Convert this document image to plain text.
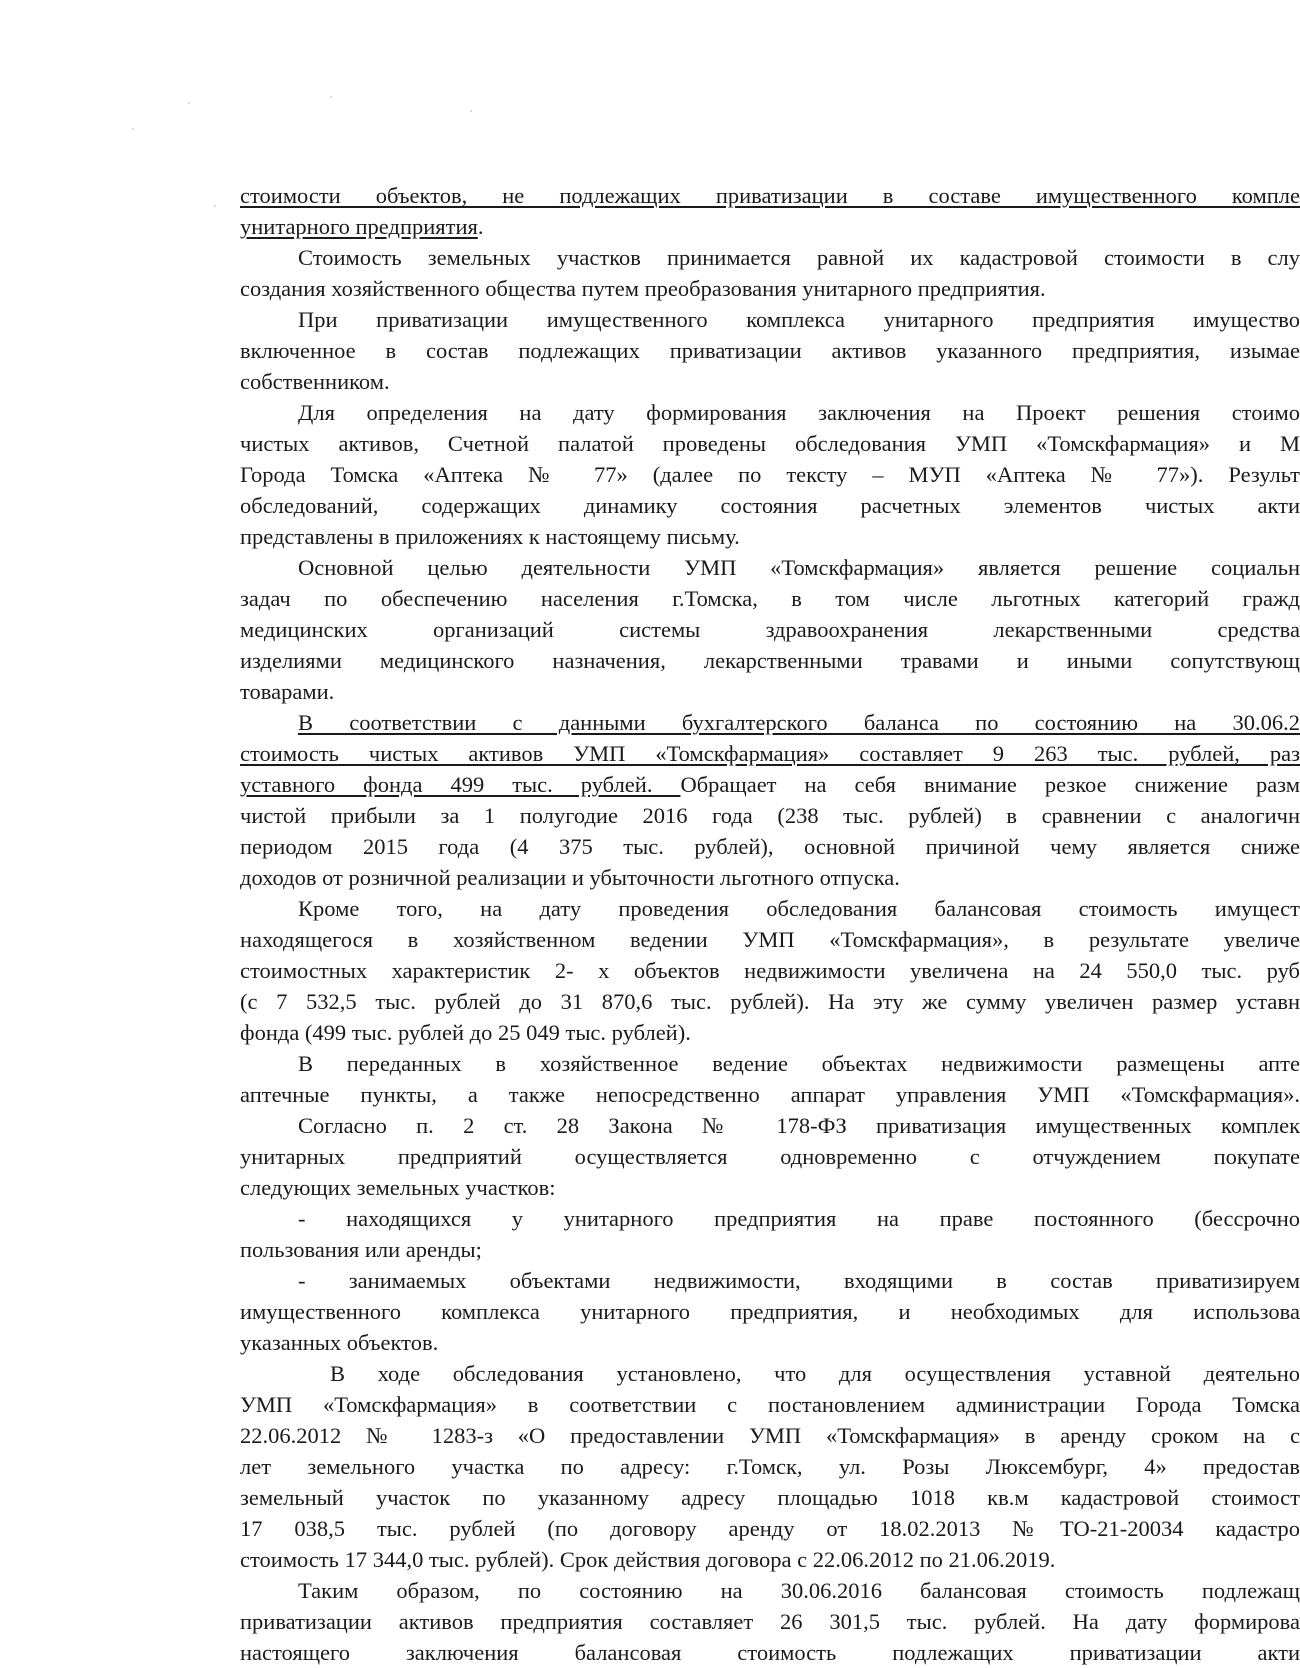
стоимости объектов, не подлежащих приватизации в составе имущественного компле
унитарного предприятия.
Стоимость земельных участков принимается равной их кадастровой стоимости в слу
создания хозяйственного общества путем преобразования унитарного предприятия.
При приватизации имущественного комплекса унитарного предприятия имущество
включенное в состав подлежащих приватизации активов указанного предприятия, изымае
собственником.
Для определения на дату формирования заключения на Проект решения стоимо
чистых активов, Счетной палатой проведены обследования УМП «Томскфармация» и М
Города Томска «Аптека № 77» (далее по тексту – МУП «Аптека № 77»). Результ
обследований, содержащих динамику состояния расчетных элементов чистых акти
представлены в приложениях к настоящему письму.
Основной целью деятельности УМП «Томскфармация» является решение социальн
задач по обеспечению населения г.Томска, в том числе льготных категорий гражд
медицинских организаций системы здравоохранения лекарственными средства
изделиями медицинского назначения, лекарственными травами и иными сопутствующ
товарами.
В соответствии с данными бухгалтерского баланса по состоянию на 30.06.2
стоимость чистых активов УМП «Томскфармация» составляет 9 263 тыс. рублей, раз
уставного фонда 499 тыс. рублей. Обращает на себя внимание резкое снижение разм
чистой прибыли за 1 полугодие 2016 года (238 тыс. рублей) в сравнении с аналогичн
периодом 2015 года (4 375 тыс. рублей), основной причиной чему является сниже
доходов от розничной реализации и убыточности льготного отпуска.
Кроме того, на дату проведения обследования балансовая стоимость имущест
находящегося в хозяйственном ведении УМП «Томскфармация», в результате увеличе
стоимостных характеристик 2- х объектов недвижимости увеличена на 24 550,0 тыс. руб
(с 7 532,5 тыс. рублей до 31 870,6 тыс. рублей). На эту же сумму увеличен размер уставн
фонда (499 тыс. рублей до 25 049 тыс. рублей).
В переданных в хозяйственное ведение объектах недвижимости размещены апте
аптечные пункты, а также непосредственно аппарат управления УМП «Томскфармация».
Согласно п. 2 ст. 28 Закона № 178-ФЗ приватизация имущественных комплек
унитарных предприятий осуществляется одновременно с отчуждением покупате
следующих земельных участков:
- находящихся у унитарного предприятия на праве постоянного (бессрочно
пользования или аренды;
- занимаемых объектами недвижимости, входящими в состав приватизируем
имущественного комплекса унитарного предприятия, и необходимых для использова
указанных объектов.
В ходе обследования установлено, что для осуществления уставной деятельно
УМП «Томскфармация» в соответствии с постановлением администрации Города Томска
22.06.2012 № 1283-з «О предоставлении УМП «Томскфармация» в аренду сроком на с
лет земельного участка по адресу: г.Томск, ул. Розы Люксембург, 4» предостав
земельный участок по указанному адресу площадью 1018 кв.м кадастровой стоимост
17 038,5 тыс. рублей (по договору аренду от 18.02.2013 №ТО-21-20034 кадастро
стоимость 17 344,0 тыс. рублей). Срок действия договора с 22.06.2012 по 21.06.2019.
Таким образом, по состоянию на 30.06.2016 балансовая стоимость подлежащ
приватизации активов предприятия составляет 26 301,5 тыс. рублей. На дату формирова
настоящего заключения балансовая стоимость подлежащих приватизации акти
